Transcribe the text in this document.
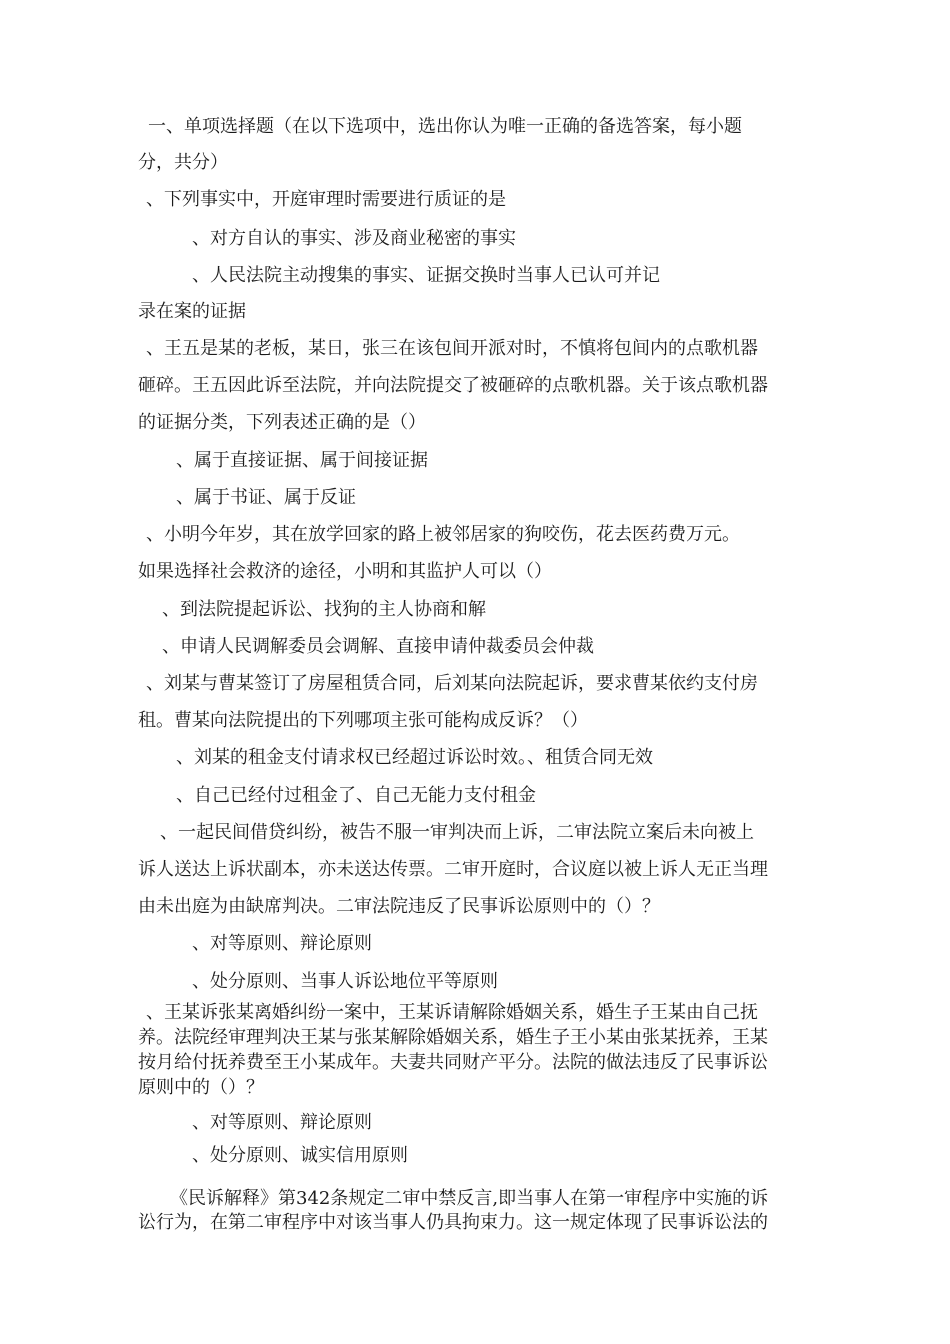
一、单项选择题（在以下选项中，选出你认为唯一正确的备选答案，每小题
分，共分）
、下列事实中，开庭审理时需要进行质证的是
、对方自认的事实、涉及商业秘密的事实
、人民法院主动搜集的事实、证据交换时当事人已认可并记
录在案的证据
、王五是某的老板，某日，张三在该包间开派对时，不慎将包间内的点歌机器
砸碎。王五因此诉至法院，并向法院提交了被砸碎的点歌机器。关于该点歌机器
的证据分类，下列表述正确的是（）
、属于直接证据、属于间接证据
、属于书证、属于反证
、小明今年岁，其在放学回家的路上被邻居家的狗咬伤，花去医药费万元。
如果选择社会救济的途径，小明和其监护人可以（）
、到法院提起诉讼、找狗的主人协商和解
、申请人民调解委员会调解、直接申请仲裁委员会仲裁
、刘某与曹某签订了房屋租赁合同，后刘某向法院起诉，要求曹某依约支付房
租。曹某向法院提出的下列哪项主张可能构成反诉？（）
、刘某的租金支付请求权已经超过诉讼时效。、租赁合同无效
、自己已经付过租金了、自己无能力支付租金
、一起民间借贷纠纷，被告不服一审判决而上诉，二审法院立案后未向被上
诉人送达上诉状副本，亦未送达传票。二审开庭时，合议庭以被上诉人无正当理
由未出庭为由缺席判决。二审法院违反了民事诉讼原则中的（）？
、对等原则、辩论原则
、处分原则、当事人诉讼地位平等原则
、王某诉张某离婚纠纷一案中，王某诉请解除婚姻关系，婚生子王某由自己抚
养。法院经审理判决王某与张某解除婚姻关系，婚生子王小某由张某抚养，王某
按月给付抚养费至王小某成年。夫妻共同财产平分。法院的做法违反了民事诉讼
原则中的（）？
、对等原则、辩论原则
、处分原则、诚实信用原则
《民诉解释》第342条规定二审中禁反言,即当事人在第一审程序中实施的诉
讼行为，在第二审程序中对该当事人仍具拘束力。这一规定体现了民事诉讼法的
